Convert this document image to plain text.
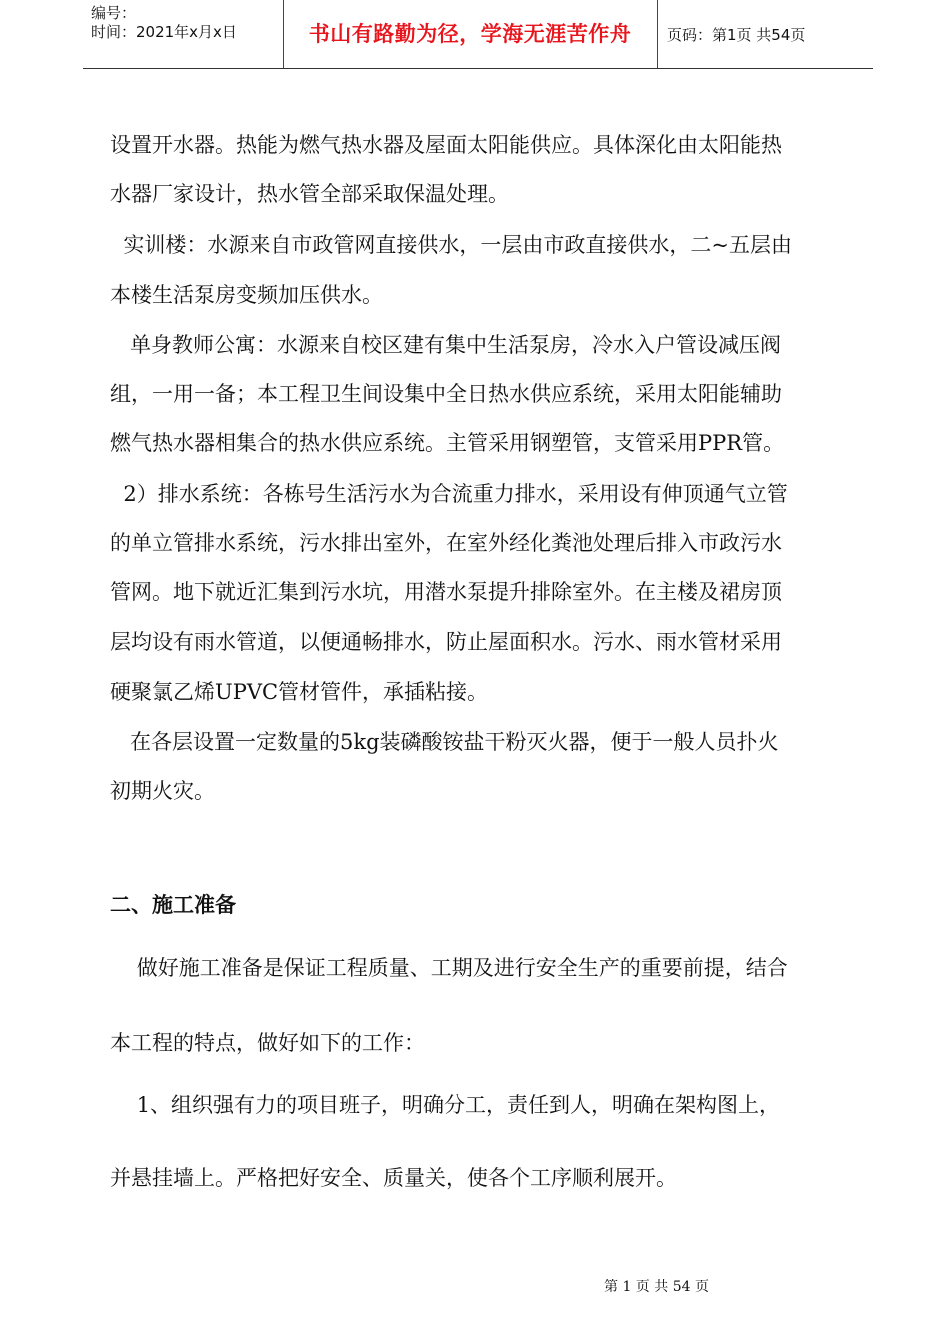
编号：
时间：2021年x月x日	书山有路勤为径，学海无涯苦作舟	页码：第1页 共54页

设置开水器。热能为燃气热水器及屋面太阳能供应。具体深化由太阳能热

水器厂家设计，热水管全部采取保温处理。

实训楼：水源来自市政管网直接供水，一层由市政直接供水，二~五层由

本楼生活泵房变频加压供水。

单身教师公寓：水源来自校区建有集中生活泵房，冷水入户管设减压阀

组，一用一备；本工程卫生间设集中全日热水供应系统，采用太阳能辅助

燃气热水器相集合的热水供应系统。主管采用钢塑管，支管采用PPR管。

2）排水系统：各栋号生活污水为合流重力排水，采用设有伸顶通气立管

的单立管排水系统，污水排出室外，在室外经化粪池处理后排入市政污水

管网。地下就近汇集到污水坑，用潜水泵提升排除室外。在主楼及裙房顶

层均设有雨水管道，以便通畅排水，防止屋面积水。污水、雨水管材采用

硬聚氯乙烯UPVC管材管件，承插粘接。

在各层设置一定数量的5kg装磷酸铵盐干粉灭火器，便于一般人员扑火

初期火灾。

二、施工准备

做好施工准备是保证工程质量、工期及进行安全生产的重要前提，结合

本工程的特点，做好如下的工作：

1、组织强有力的项目班子，明确分工，责任到人，明确在架构图上，

并悬挂墙上。严格把好安全、质量关，使各个工序顺利展开。

第 1 页 共 54 页
